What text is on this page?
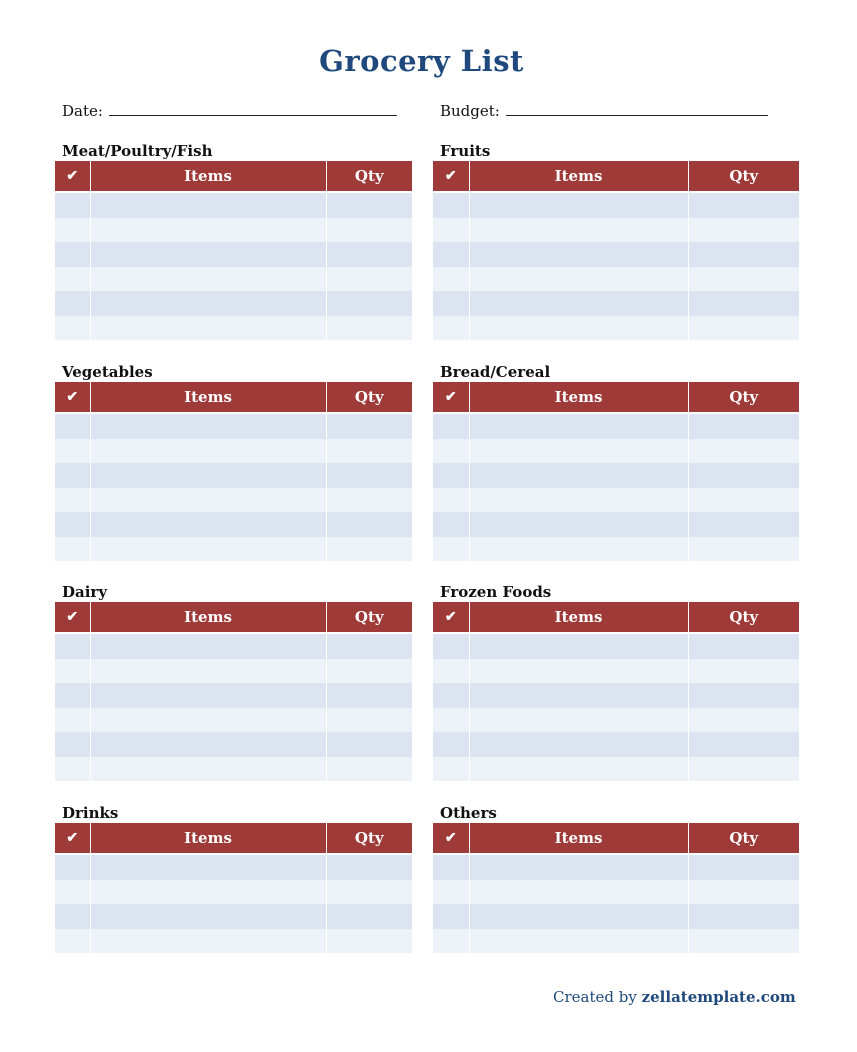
Grocery List
Date:	Budget:
Meat/Poultry/Fish
✔	Items	Qty

Fruits
✔	Items	Qty

Vegetables
✔	Items	Qty

Bread/Cereal
✔	Items	Qty

Dairy
✔	Items	Qty

Frozen Foods
✔	Items	Qty

Drinks
✔	Items	Qty

Others
✔	Items	Qty

Created by zellatemplate.com
